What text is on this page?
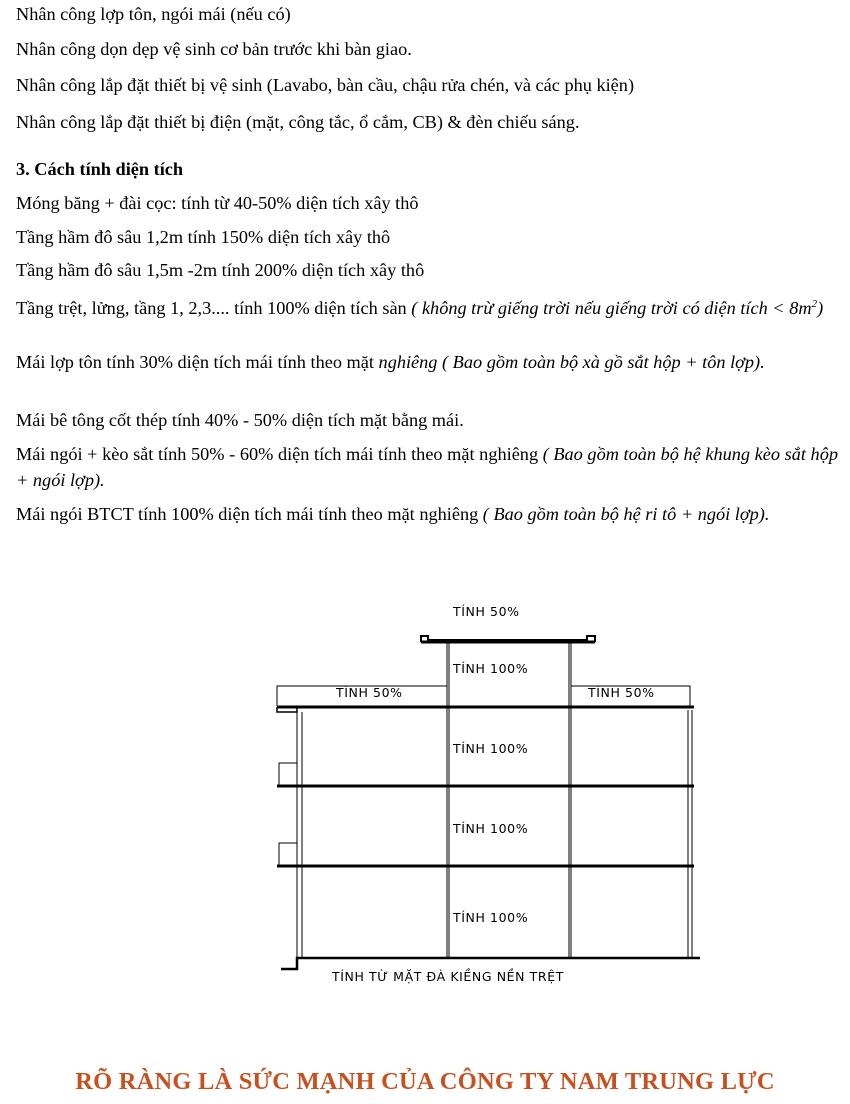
Nhân công lợp tôn, ngói mái (nếu có)
Nhân công dọn dẹp vệ sinh cơ bản trước khi bàn giao.
Nhân công lắp đặt thiết bị vệ sinh (Lavabo, bàn cầu, chậu rửa chén, và các phụ kiện)
Nhân công lắp đặt thiết bị điện (mặt, công tắc, ổ cắm, CB) & đèn chiếu sáng.
3. Cách tính diện tích
Móng băng + đài cọc: tính từ 40-50% diện tích xây thô
Tầng hầm đô sâu 1,2m tính 150% diện tích xây thô
Tầng hầm đô sâu 1,5m -2m tính 200% diện tích xây thô
Tầng trệt, lửng, tầng 1, 2,3.... tính 100% diện tích sàn ( không trừ giếng trời nếu giếng trời có diện tích < 8m$^2$)
Mái lợp tôn tính 30% diện tích mái tính theo mặt nghiêng ( Bao gồm toàn bộ xà gồ sắt hộp + tôn lợp).
Mái bê tông cốt thép tính 40% - 50% diện tích mặt bằng mái.
Mái ngói + kèo sắt tính 50% - 60% diện tích mái tính theo mặt nghiêng ( Bao gồm toàn bộ hệ khung kèo sắt hộp + ngói lợp).
Mái ngói BTCT tính 100% diện tích mái tính theo mặt nghiêng ( Bao gồm toàn bộ hệ ri tô + ngói lợp).
TÍNH 50%
TÍNH 100%
TÍNH 50%	TÍNH 50%
TÍNH 100%
TÍNH 100%
TÍNH 100%
TÍNH TỪ MẶT ĐÀ KIỀNG NỀN TRỆT
RÕ RÀNG LÀ SỨC MẠNH CỦA CÔNG TY NAM TRUNG LỰC
